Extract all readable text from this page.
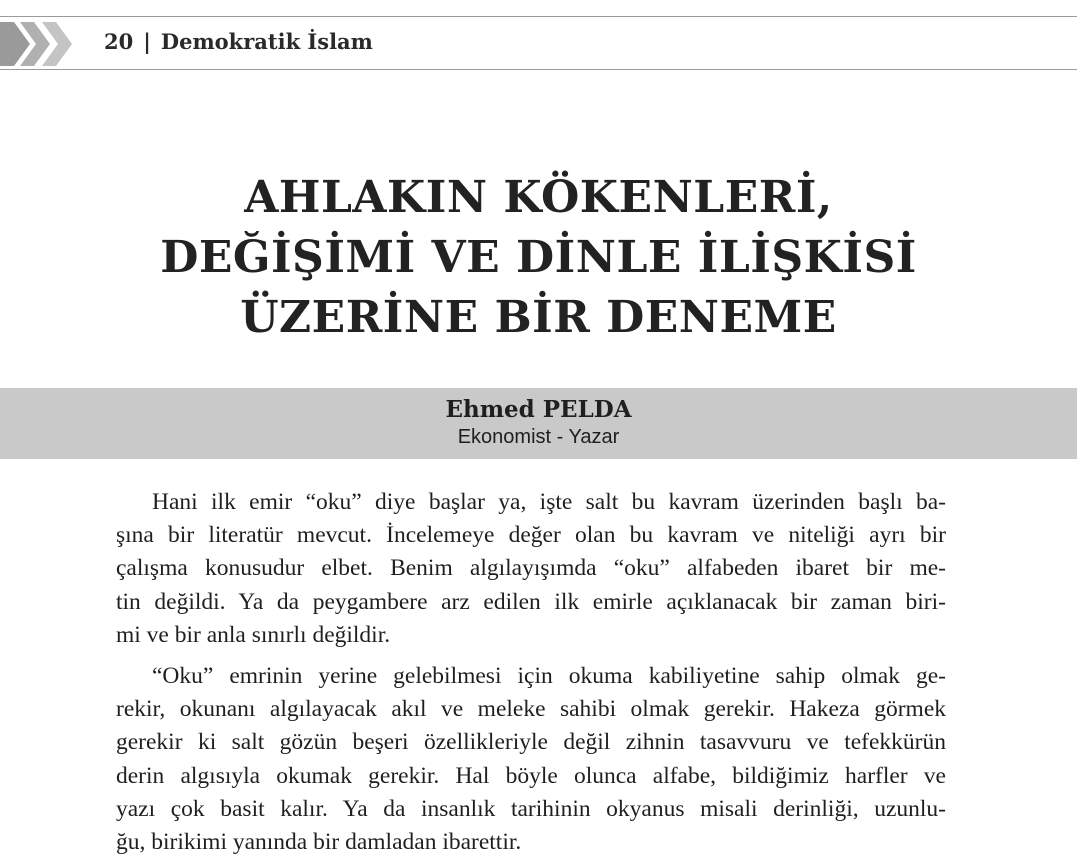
20 | Demokratik İslam
AHLAKIN KÖKENLERİ,
DEĞİŞİMİ VE DİNLE İLİŞKİSİ
ÜZERİNE BİR DENEME
Ehmed PELDA
Ekonomist - Yazar
Hani ilk emir “oku” diye başlar ya, işte salt bu kavram üzerinden başlı ba-
şına bir literatür mevcut. İncelemeye değer olan bu kavram ve niteliği ayrı bir
çalışma konusudur elbet. Benim algılayışımda “oku” alfabeden ibaret bir me-
tin değildi. Ya da peygambere arz edilen ilk emirle açıklanacak bir zaman biri-
mi ve bir anla sınırlı değildir.
“Oku” emrinin yerine gelebilmesi için okuma kabiliyetine sahip olmak ge-
rekir, okunanı algılayacak akıl ve meleke sahibi olmak gerekir. Hakeza görmek
gerekir ki salt gözün beşeri özellikleriyle değil zihnin tasavvuru ve tefekkürün
derin algısıyla okumak gerekir. Hal böyle olunca alfabe, bildiğimiz harfler ve
yazı çok basit kalır. Ya da insanlık tarihinin okyanus misali derinliği, uzunlu-
ğu, birikimi yanında bir damladan ibarettir.
